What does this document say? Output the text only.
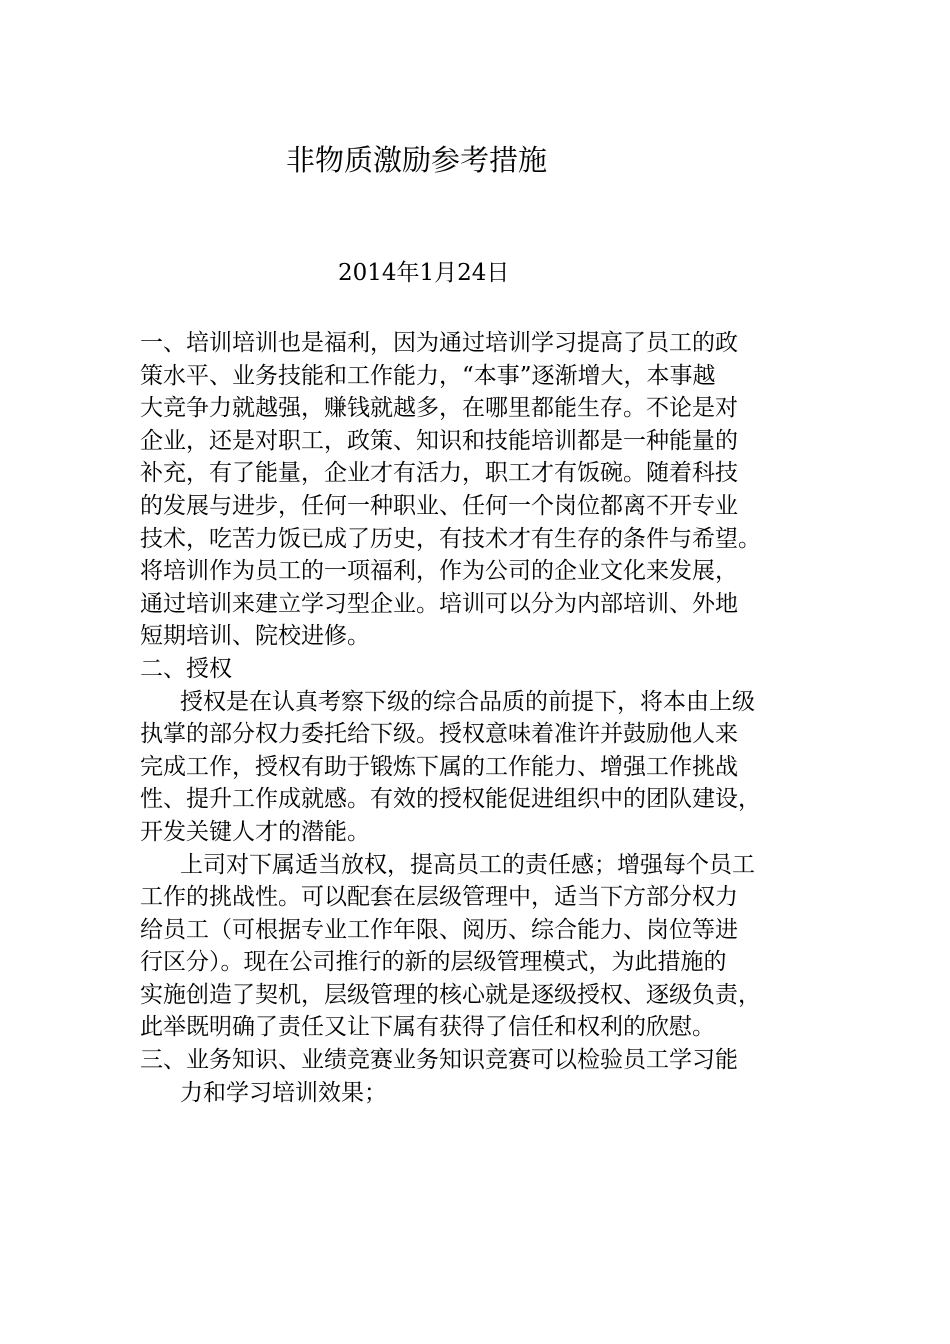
非物质激励参考措施
2014年1月24日
一、培训培训也是福利，因为通过培训学习提高了员工的政
策水平、业务技能和工作能力，“本事”逐渐增大，本事越
大竞争力就越强，赚钱就越多，在哪里都能生存。不论是对
企业，还是对职工，政策、知识和技能培训都是一种能量的
补充，有了能量，企业才有活力，职工才有饭碗。随着科技
的发展与进步，任何一种职业、任何一个岗位都离不开专业
技术，吃苦力饭已成了历史，有技术才有生存的条件与希望。
将培训作为员工的一项福利，作为公司的企业文化来发展，
通过培训来建立学习型企业。培训可以分为内部培训、外地
短期培训、院校进修。
二、授权
授权是在认真考察下级的综合品质的前提下，将本由上级
执掌的部分权力委托给下级。授权意味着准许并鼓励他人来
完成工作，授权有助于锻炼下属的工作能力、增强工作挑战
性、提升工作成就感。有效的授权能促进组织中的团队建设，
开发关键人才的潜能。
上司对下属适当放权，提高员工的责任感；增强每个员工
工作的挑战性。可以配套在层级管理中，适当下方部分权力
给员工（可根据专业工作年限、阅历、综合能力、岗位等进
行区分）。现在公司推行的新的层级管理模式，为此措施的
实施创造了契机，层级管理的核心就是逐级授权、逐级负责，
此举既明确了责任又让下属有获得了信任和权利的欣慰。
三、业务知识、业绩竞赛业务知识竞赛可以检验员工学习能
力和学习培训效果；
